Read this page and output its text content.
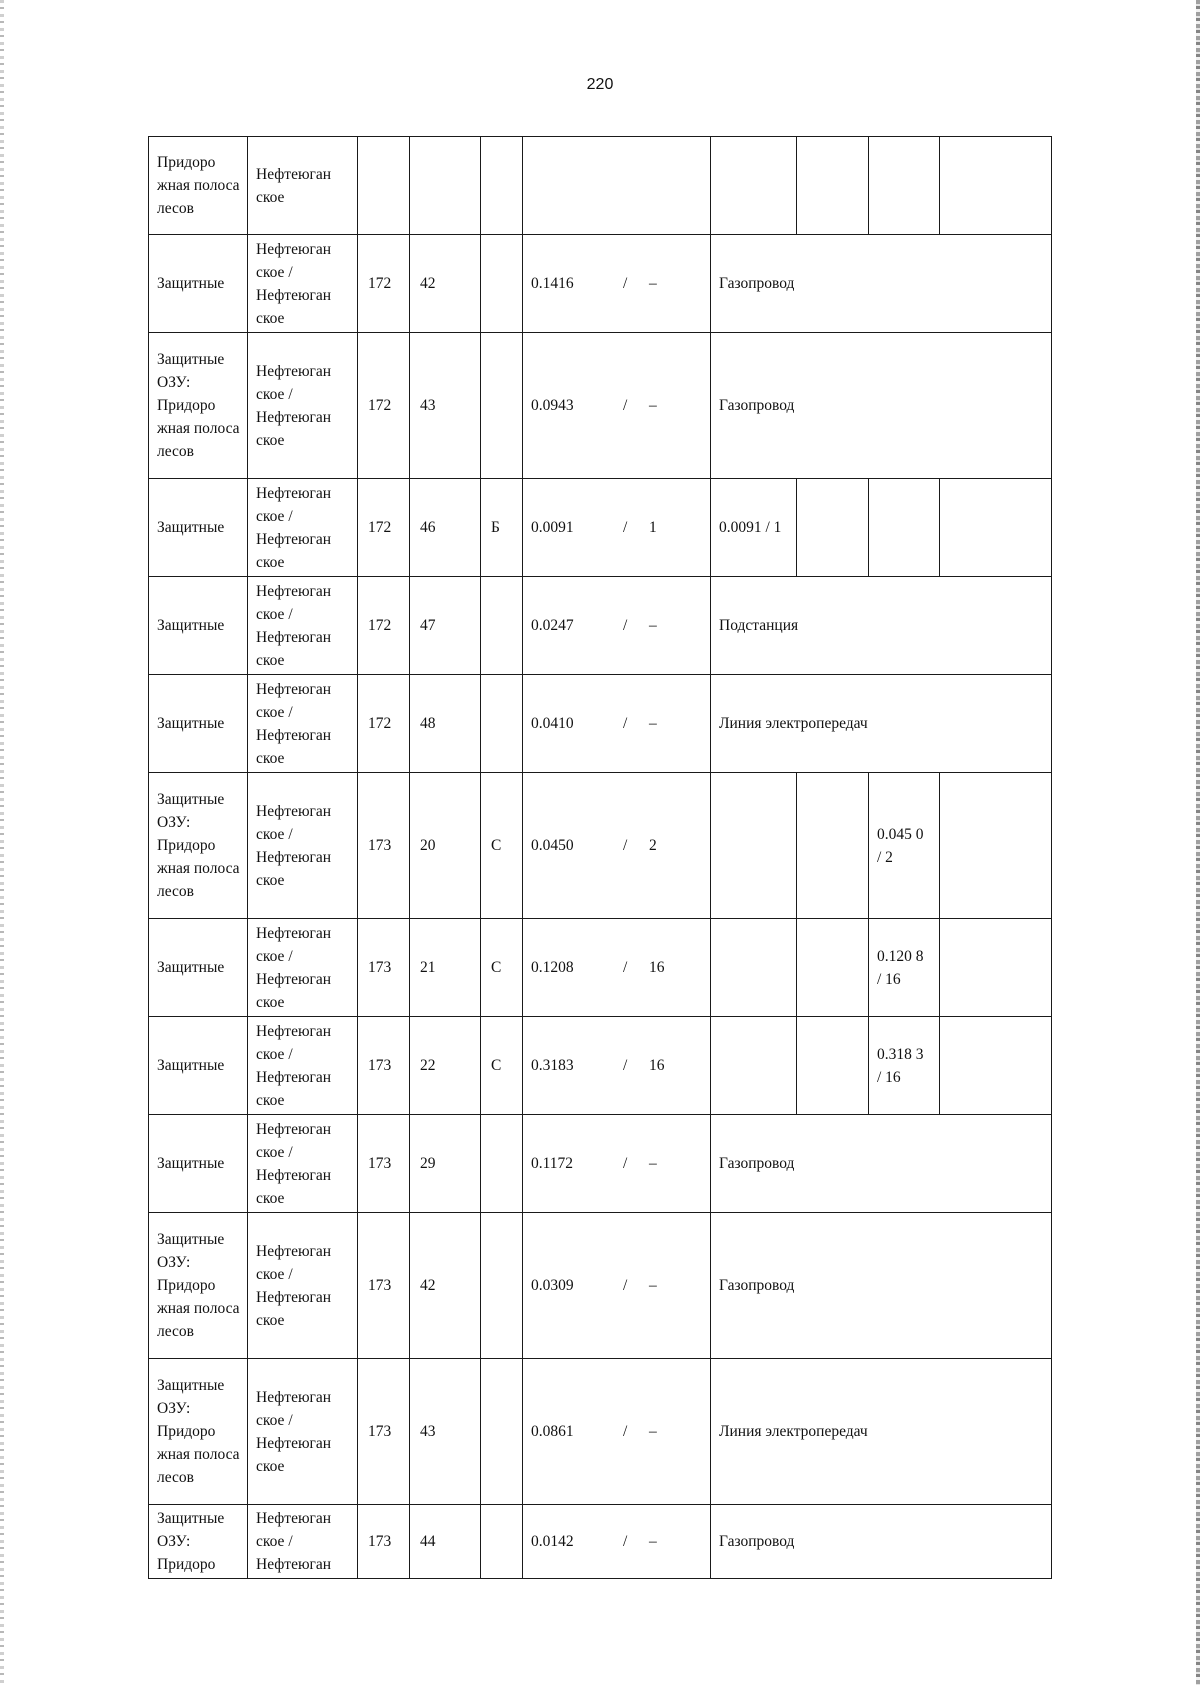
220
Придоро жная полоса лесов	Нефтеюган ское								
Защитные	Нефтеюган ское / Нефтеюган ское	172	42		0.1416 / –	Газопровод			
Защитные ОЗУ: Придоро жная полоса лесов	Нефтеюган ское / Нефтеюган ское	172	43		0.0943 / –	Газопровод			
Защитные	Нефтеюган ское / Нефтеюган ское	172	46	Б	0.0091 / 1	0.0091 / 1			
Защитные	Нефтеюган ское / Нефтеюган ское	172	47		0.0247 / –	Подстанция			
Защитные	Нефтеюган ское / Нефтеюган ское	172	48		0.0410 / –	Линия электропередач			
Защитные ОЗУ: Придоро жная полоса лесов	Нефтеюган ское / Нефтеюган ское	173	20	С	0.0450 / 2			0.045 0 / 2	
Защитные	Нефтеюган ское / Нефтеюган ское	173	21	С	0.1208 / 16			0.120 8 / 16	
Защитные	Нефтеюган ское / Нефтеюган ское	173	22	С	0.3183 / 16			0.318 3 / 16	
Защитные	Нефтеюган ское / Нефтеюган ское	173	29		0.1172 / –	Газопровод			
Защитные ОЗУ: Придоро жная полоса лесов	Нефтеюган ское / Нефтеюган ское	173	42		0.0309 / –	Газопровод			
Защитные ОЗУ: Придоро жная полоса лесов	Нефтеюган ское / Нефтеюган ское	173	43		0.0861 / –	Линия электропередач			
Защитные ОЗУ: Придоро	Нефтеюган ское / Нефтеюган	173	44		0.0142 / –	Газопровод			
